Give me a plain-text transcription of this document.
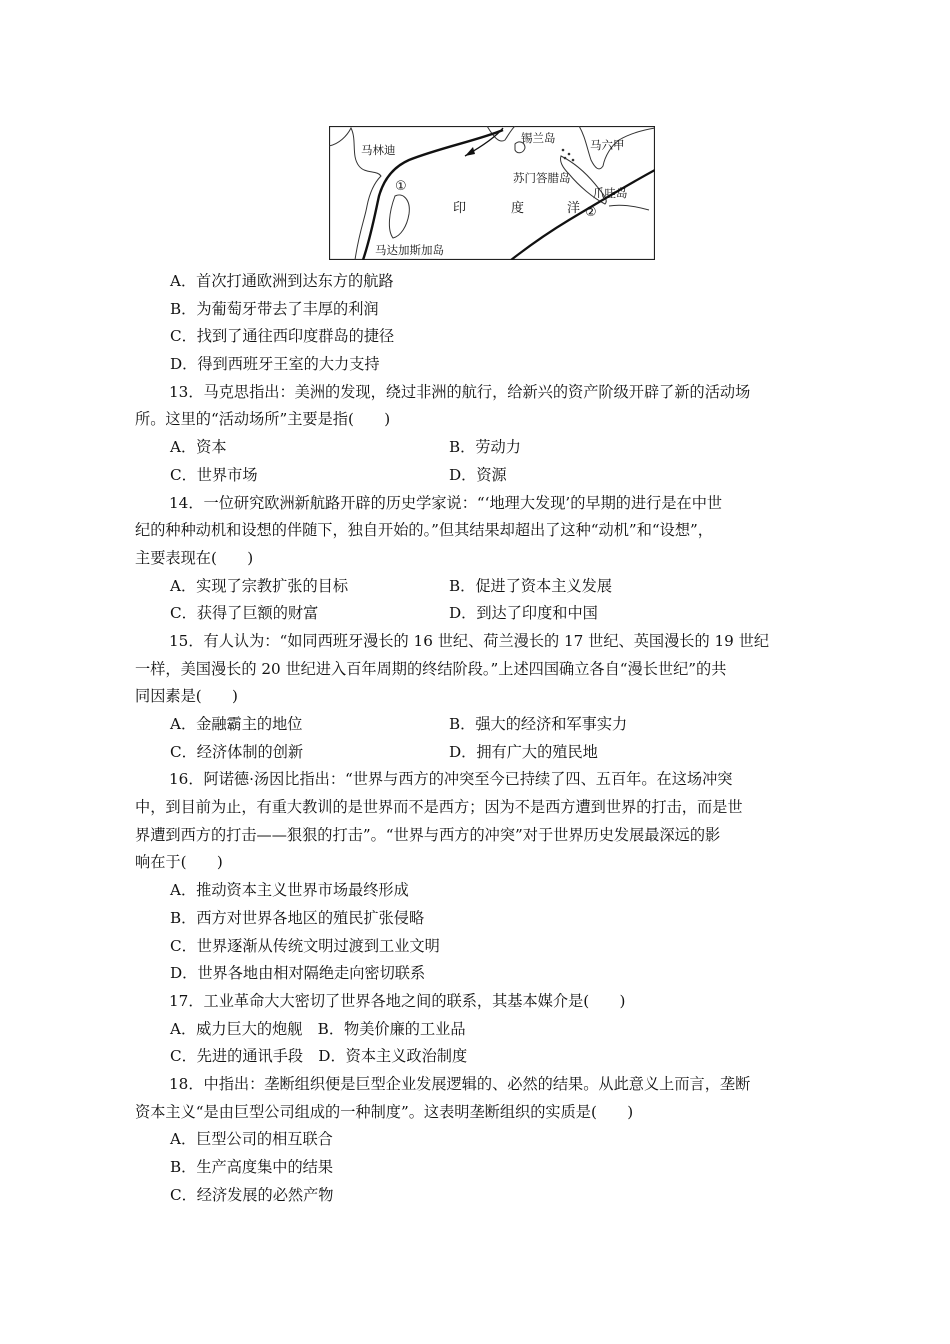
马林迪
锡兰岛	马六甲
苏门答腊岛
爪哇岛
马达加斯加岛
印	度	洋
①
②
A．首次打通欧洲到达东方的航路
B．为葡萄牙带去了丰厚的利润
C．找到了通往西印度群岛的捷径
D．得到西班牙王室的大力支持
13．马克思指出：美洲的发现，绕过非洲的航行，给新兴的资产阶级开辟了新的活动场
所。这里的“活动场所”主要是指(　　)
A．资本	B．劳动力
C．世界市场	D．资源
14．一位研究欧洲新航路开辟的历史学家说：“‘地理大发现’的早期的进行是在中世
纪的种种动机和设想的伴随下，独自开始的。”但其结果却超出了这种“动机”和“设想”，
主要表现在(　　)
A．实现了宗教扩张的目标	B．促进了资本主义发展
C．获得了巨额的财富	D．到达了印度和中国
15．有人认为：“如同西班牙漫长的 16 世纪、荷兰漫长的 17 世纪、英国漫长的 19 世纪
一样，美国漫长的 20 世纪进入百年周期的终结阶段。”上述四国确立各自“漫长世纪”的共
同因素是(　　)
A．金融霸主的地位	B．强大的经济和军事实力
C．经济体制的创新	D．拥有广大的殖民地
16．阿诺德·汤因比指出：“世界与西方的冲突至今已持续了四、五百年。在这场冲突
中，到目前为止，有重大教训的是世界而不是西方；因为不是西方遭到世界的打击，而是世
界遭到西方的打击——狠狠的打击”。“世界与西方的冲突”对于世界历史发展最深远的影
响在于(　　)
A．推动资本主义世界市场最终形成
B．西方对世界各地区的殖民扩张侵略
C．世界逐渐从传统文明过渡到工业文明
D．世界各地由相对隔绝走向密切联系
17．工业革命大大密切了世界各地之间的联系，其基本媒介是(　　)
A．威力巨大的炮舰　B．物美价廉的工业品
C．先进的通讯手段　D．资本主义政治制度
18．中指出：垄断组织便是巨型企业发展逻辑的、必然的结果。从此意义上而言，垄断
资本主义“是由巨型公司组成的一种制度”。这表明垄断组织的实质是(　　)
A．巨型公司的相互联合
B．生产高度集中的结果
C．经济发展的必然产物
